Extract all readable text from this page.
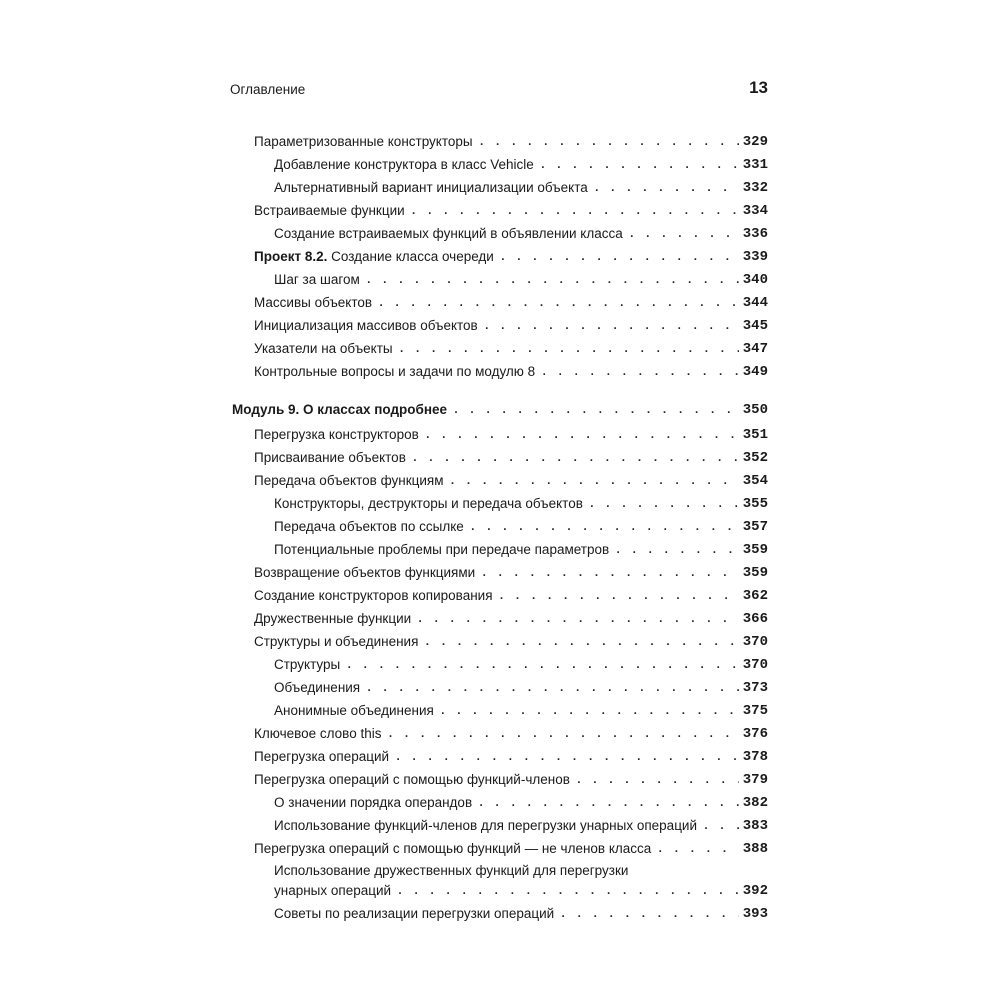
Оглавление	13
Параметризованные конструкторы . . .	329
Добавление конструктора в класс Vehicle . . .	331
Альтернативный вариант инициализации объекта . . .	332
Встраиваемые функции . . .	334
Создание встраиваемых функций в объявлении класса . . .	336
Проект 8.2. Создание класса очереди . . .	339
Шаг за шагом . . .	340
Массивы объектов . . .	344
Инициализация массивов объектов . . .	345
Указатели на объекты . . .	347
Контрольные вопросы и задачи по модулю 8 . . .	349
Модуль 9. О классах подробнее . . .	350
Перегрузка конструкторов . . .	351
Присваивание объектов . . .	352
Передача объектов функциям . . .	354
Конструкторы, деструкторы и передача объектов . . .	355
Передача объектов по ссылке . . .	357
Потенциальные проблемы при передаче параметров . . .	359
Возвращение объектов функциями . . .	359
Создание конструкторов копирования . . .	362
Дружественные функции . . .	366
Структуры и объединения . . .	370
Структуры . . .	370
Объединения . . .	373
Анонимные объединения . . .	375
Ключевое слово this . . .	376
Перегрузка операций . . .	378
Перегрузка операций с помощью функций-членов . . .	379
О значении порядка операндов . . .	382
Использование функций-членов для перегрузки унарных операций . . .	383
Перегрузка операций с помощью функций — не членов класса . . .	388
Использование дружественных функций для перегрузки
унарных операций . . .	392
Советы по реализации перегрузки операций . . .	393
